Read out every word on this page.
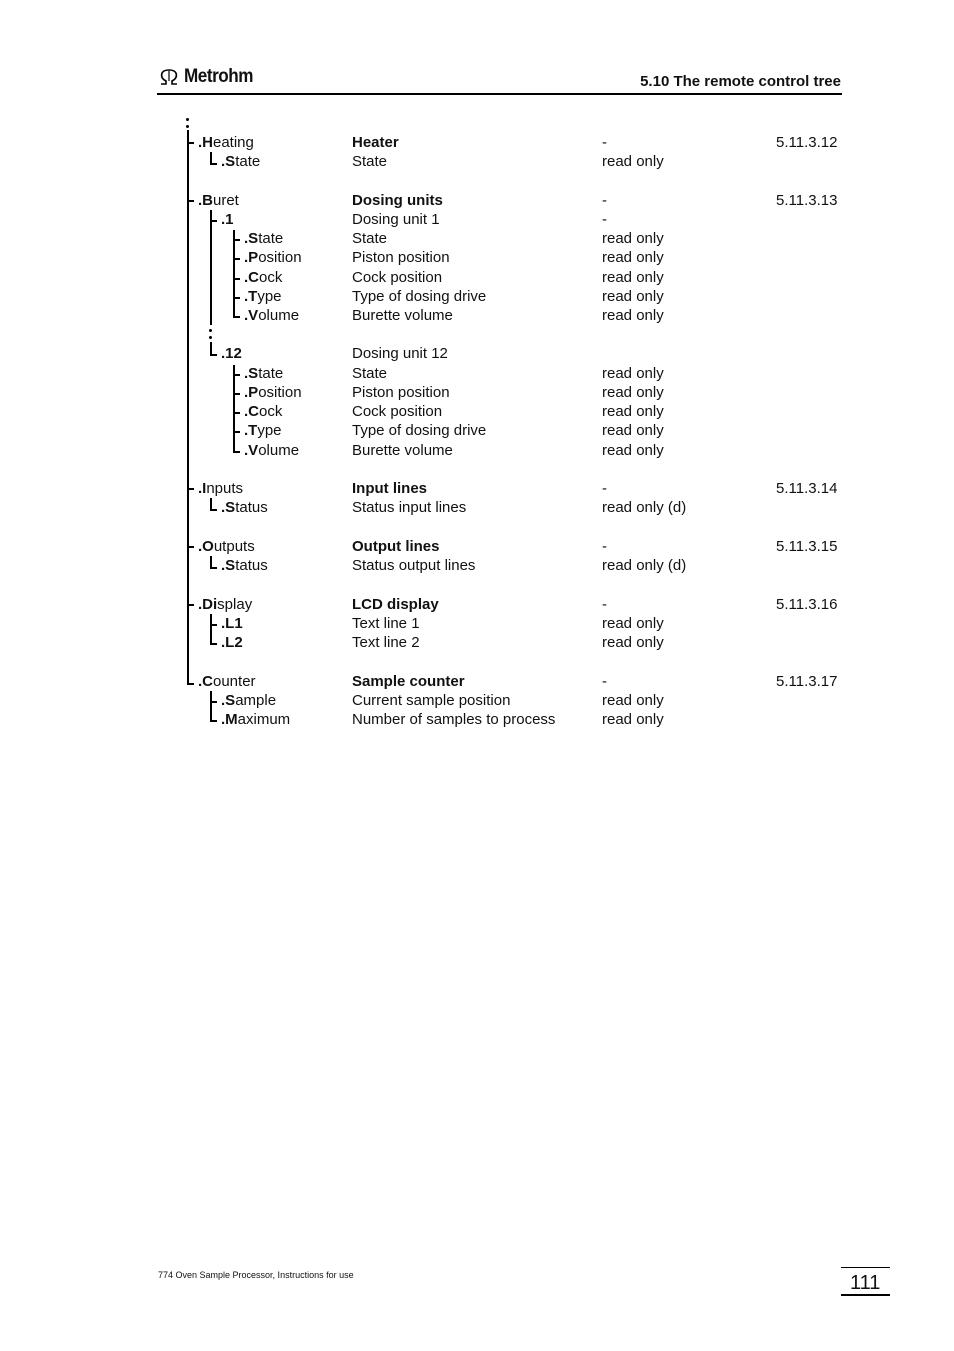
Metrohm	5.10 The remote control tree
.Heating	Heater	-	5.11.3.12
.State	State	read only
.Buret	Dosing units	-	5.11.3.13
.1	Dosing unit 1	-
.State	State	read only
.Position	Piston position	read only
.Cock	Cock position	read only
.Type	Type of dosing drive	read only
.Volume	Burette volume	read only
.12	Dosing unit 12
.State	State	read only
.Position	Piston position	read only
.Cock	Cock position	read only
.Type	Type of dosing drive	read only
.Volume	Burette volume	read only
.Inputs	Input lines	-	5.11.3.14
.Status	Status input lines	read only (d)
.Outputs	Output lines	-	5.11.3.15
.Status	Status output lines	read only (d)
.Display	LCD display	-	5.11.3.16
.L1	Text line 1	read only
.L2	Text line 2	read only
.Counter	Sample counter	-	5.11.3.17
.Sample	Current sample position	read only
.Maximum	Number of samples to process	read only
774 Oven Sample Processor, Instructions for use	111
